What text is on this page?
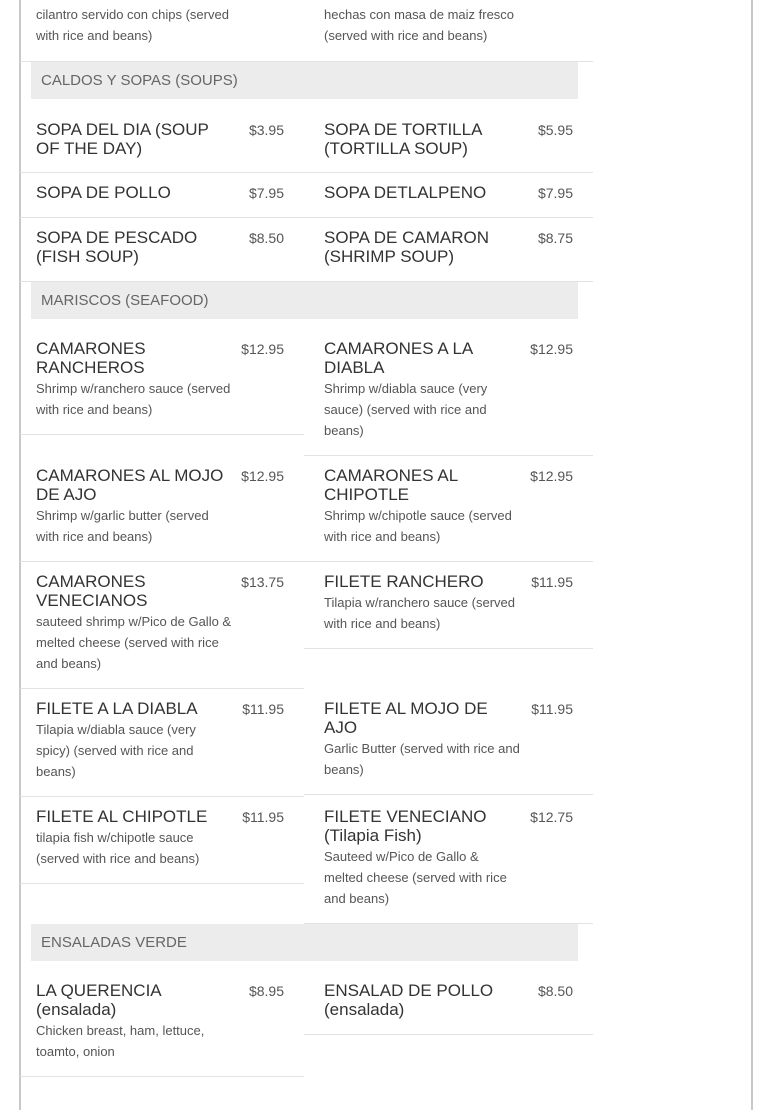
cilantro servido con chips (served with rice and beans)
hechas con masa de maiz fresco (served with rice and beans)
CALDOS Y SOPAS (SOUPS)
SOPA DEL DIA (SOUP OF THE DAY)
$3.95 SOPA DE TORTILLA (TORTILLA SOUP)
$5.95
SOPA DE POLLO	$7.95 SOPA DETLALPENO	$7.95
SOPA DE PESCADO (FISH SOUP)
$8.50 SOPA DE CAMARON (SHRIMP SOUP)
$8.75
MARISCOS (SEAFOOD)
CAMARONES RANCHEROS
Shrimp w/ranchero sauce (served with rice and beans)
$12.95 CAMARONES A LA DIABLA
Shrimp w/diabla sauce (very sauce) (served with rice and beans)
$12.95
CAMARONES AL MOJO DE AJO
Shrimp w/garlic butter (served with rice and beans)
$12.95 CAMARONES AL CHIPOTLE
Shrimp w/chipotle sauce (served with rice and beans)
$12.95
CAMARONES VENECIANOS
sauteed shrimp w/Pico de Gallo & melted cheese (served with rice and beans)
$13.75 FILETE RANCHERO
Tilapia w/ranchero sauce (served with rice and beans)
$11.95
FILETE A LA DIABLA
Tilapia w/diabla sauce (very spicy) (served with rice and beans)
$11.95 FILETE AL MOJO DE AJO
Garlic Butter (served with rice and beans)
$11.95
FILETE AL CHIPOTLE
tilapia fish w/chipotle sauce (served with rice and beans)
$11.95 FILETE VENECIANO (Tilapia Fish)
Sauteed w/Pico de Gallo & melted cheese (served with rice and beans)
$12.75
ENSALADAS VERDE
LA QUERENCIA (ensalada)
Chicken breast, ham, lettuce, toamto, onion
$8.95 ENSALAD DE POLLO (ensalada)
$8.50
